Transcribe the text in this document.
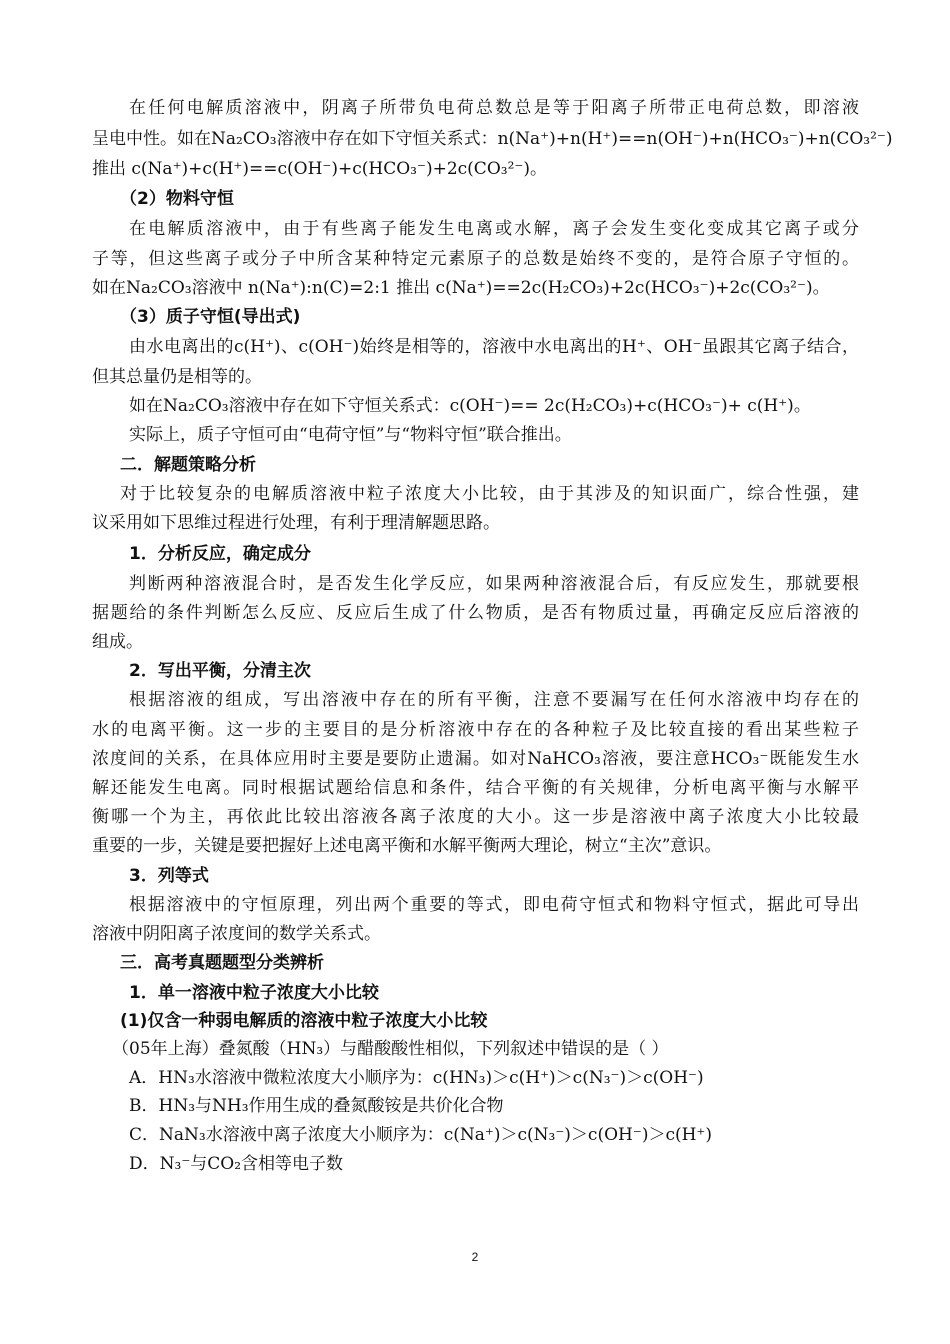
在任何电解质溶液中，阴离子所带负电荷总数总是等于阳离子所带正电荷总数，即溶液
呈电中性。如在Na₂CO₃溶液中存在如下守恒关系式：n(Na⁺)+n(H⁺)==n(OH⁻)+n(HCO₃⁻)+n(CO₃²⁻)
推出 c(Na⁺)+c(H⁺)==c(OH⁻)+c(HCO₃⁻)+2c(CO₃²⁻)。
（2）物料守恒
在电解质溶液中，由于有些离子能发生电离或水解，离子会发生变化变成其它离子或分
子等，但这些离子或分子中所含某种特定元素原子的总数是始终不变的，是符合原子守恒的。
如在Na₂CO₃溶液中 n(Na⁺):n(C)=2:1 推出 c(Na⁺)==2c(H₂CO₃)+2c(HCO₃⁻)+2c(CO₃²⁻)。
（3）质子守恒(导出式)
由水电离出的c(H⁺)、c(OH⁻)始终是相等的，溶液中水电离出的H⁺、OH⁻虽跟其它离子结合，
但其总量仍是相等的。
如在Na₂CO₃溶液中存在如下守恒关系式：c(OH⁻)== 2c(H₂CO₃)+c(HCO₃⁻)+ c(H⁺)。
实际上，质子守恒可由“电荷守恒”与“物料守恒”联合推出。
二．解题策略分析
对于比较复杂的电解质溶液中粒子浓度大小比较，由于其涉及的知识面广，综合性强，建
议采用如下思维过程进行处理，有利于理清解题思路。
1．分析反应，确定成分
判断两种溶液混合时，是否发生化学反应，如果两种溶液混合后，有反应发生，那就要根
据题给的条件判断怎么反应、反应后生成了什么物质，是否有物质过量，再确定反应后溶液的
组成。
2．写出平衡，分清主次
根据溶液的组成，写出溶液中存在的所有平衡，注意不要漏写在任何水溶液中均存在的
水的电离平衡。这一步的主要目的是分析溶液中存在的各种粒子及比较直接的看出某些粒子
浓度间的关系，在具体应用时主要是要防止遗漏。如对NaHCO₃溶液，要注意HCO₃⁻既能发生水
解还能发生电离。同时根据试题给信息和条件，结合平衡的有关规律，分析电离平衡与水解平
衡哪一个为主，再依此比较出溶液各离子浓度的大小。这一步是溶液中离子浓度大小比较最
重要的一步，关键是要把握好上述电离平衡和水解平衡两大理论，树立“主次”意识。
3．列等式
根据溶液中的守恒原理，列出两个重要的等式，即电荷守恒式和物料守恒式，据此可导出
溶液中阴阳离子浓度间的数学关系式。
三．高考真题题型分类辨析
1．单一溶液中粒子浓度大小比较
(1)仅含一种弱电解质的溶液中粒子浓度大小比较
（05年上海）叠氮酸（HN₃）与醋酸酸性相似，下列叙述中错误的是（ ）
A．HN₃水溶液中微粒浓度大小顺序为：c(HN₃)＞c(H⁺)＞c(N₃⁻)＞c(OH⁻)
B．HN₃与NH₃作用生成的叠氮酸铵是共价化合物
C．NaN₃水溶液中离子浓度大小顺序为：c(Na⁺)＞c(N₃⁻)＞c(OH⁻)＞c(H⁺)
D．N₃⁻与CO₂含相等电子数
2
